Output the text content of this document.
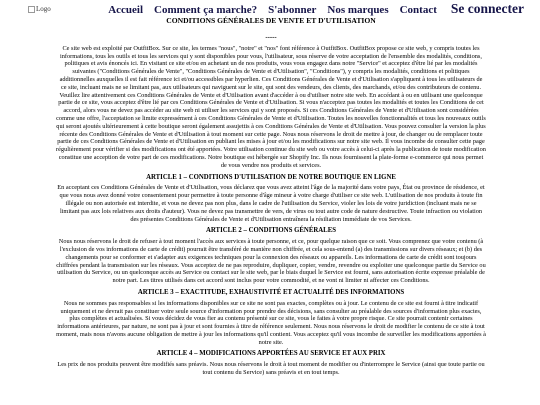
Logo	Accueil Comment ça marche? S'abonner Nos marques Contact Se connecter
CONDITIONS GÉNÉRALES DE VENTE ET D'UTILISATION
-----

Ce site web est exploité par OutfitBox. Sur ce site, les termes "nous", "notre" et "nos" font référence à OutfitBox. OutfitBox propose ce site web, y compris toutes les informations, tous les outils et tous les services qui y sont disponibles pour vous, l'utilisateur, sous réserve de votre acceptation de l'ensemble des modalités, conditions, politiques et avis énoncés ici. En visitant ce site et/ou en achetant un de nos produits, vous vous engagez dans notre "Service" et acceptez d'être lié par les modalités suivantes ("Conditions Générales de Vente", "Conditions Générales de Vente et d'Utilisation", "Conditions"), y compris les modalités, conditions et politiques additionnelles auxquelles il est fait référence ici et/ou accessibles par hyperlien. Ces Conditions Générales de Vente et d'Utilisation s'appliquent à tous les utilisateurs de ce site, incluant mais ne se limitant pas, aux utilisateurs qui naviguent sur le site, qui sont des vendeurs, des clients, des marchands, et/ou des contributeurs de contenu. Veuillez lire attentivement ces Conditions Générales de Vente et d'Utilisation avant d'accéder à ou d'utiliser notre site web. En accédant à ou en utilisant une quelconque partie de ce site, vous acceptez d'être lié par ces Conditions Générales de Vente et d'Utilisation. Si vous n'acceptez pas toutes les modalités et toutes les Conditions de cet accord, alors vous ne devez pas accéder au site web ni utiliser les services qui y sont proposés. Si ces Conditions Générales de Vente et d'Utilisation sont considérées comme une offre, l'acceptation se limite expressément à ces Conditions Générales de Vente et d'Utilisation. Toutes les nouvelles fonctionnalités et tous les nouveaux outils qui seront ajoutés ultérieurement à cette boutique seront également assujettis à ces Conditions Générales de Vente et d'Utilisation. Vous pouvez consulter la version la plus récente des Conditions Générales de Vente et d'Utilisation à tout moment sur cette page. Nous nous réservons le droit de mettre à jour, de changer ou de remplacer toute partie de ces Conditions Générales de Vente et d'Utilisation en publiant les mises à jour et/ou les modifications sur notre site web. Il vous incombe de consulter cette page régulièrement pour vérifier si des modifications ont été apportées. Votre utilisation continue du site web ou votre accès à celui-ci après la publication de toute modification constitue une acception de votre part de ces modifications. Notre boutique est hébergée sur Shopify Inc. Ils nous fournissent la plate-forme e-commerce qui nous permet de vous vendre nos produits et services.

ARTICLE 1 – CONDITIONS D'UTILISATION DE NOTRE BOUTIQUE EN LIGNE

En acceptant ces Conditions Générales de Vente et d'Utilisation, vous déclarez que vous avez atteint l'âge de la majorité dans votre pays, État ou province de résidence, et que vous nous avez donné votre consentement pour permettre à toute personne d'âge mineur à votre charge d'utiliser ce site web. L'utilisation de nos produits à toute fin illégale ou non autorisée est interdite, et vous ne devez pas non plus, dans le cadre de l'utilisation du Service, violer les lois de votre juridiction (incluant mais ne se limitant pas aux lois relatives aux droits d'auteur). Vous ne devez pas transmettre de vers, de virus ou tout autre code de nature destructive. Toute infraction ou violation des présentes Conditions Générales de Vente et d'Utilisation entraînera la résiliation immédiate de vos Services.

ARTICLE 2 – CONDITIONS GÉNÉRALES

Nous nous réservons le droit de refuser à tout moment l'accès aux services à toute personne, et ce, pour quelque raison que ce soit. Vous comprenez que votre contenu (à l'exclusion de vos informations de carte de crédit) pourrait être transféré de manière non chiffrée, et cela sous-entend (a) des transmissions sur divers réseaux; et (b) des changements pour se conformer et s'adapter aux exigences techniques pour la connexion des réseaux ou appareils. Les informations de carte de crédit sont toujours chiffrées pendant la transmission sur les réseaux. Vous acceptez de ne pas reproduire, dupliquer, copier, vendre, revendre ou exploiter une quelconque partie du Service ou utilisation du Service, ou un quelconque accès au Service ou contact sur le site web, par le biais duquel le Service est fourni, sans autorisation écrite expresse préalable de notre part. Les titres utilisés dans cet accord sont inclus pour votre commodité, et ne vont ni limiter ni affecter ces Conditions.

ARTICLE 3 – EXACTITUDE, EXHAUSTIVITÉ ET ACTUALITÉ DES INFORMATIONS

Nous ne sommes pas responsables si les informations disponibles sur ce site ne sont pas exactes, complètes ou à jour. Le contenu de ce site est fourni à titre indicatif uniquement et ne devrait pas constituer votre seule source d'information pour prendre des décisions, sans consulter au préalable des sources d'information plus exactes, plus complètes et actualisées. Si vous décidez de vous fier au contenu présenté sur ce site, vous le faites à votre propre risque. Ce site pourrait contenir certaines informations antérieures, par nature, ne sont pas à jour et sont fournies à titre de référence seulement. Nous nous réservons le droit de modifier le contenu de ce site à tout moment, mais nous n'avons aucune obligation de mettre à jour les informations qu'il contient. Vous acceptez qu'il vous incombe de surveiller les modifications apportées à notre site.

ARTICLE 4 – MODIFICATIONS APPORTÉES AU SERVICE ET AUX PRIX

Les prix de nos produits peuvent être modifiés sans préavis. Nous nous réservons le droit à tout moment de modifier ou d'interrompre le Service (ainsi que toute partie ou tout contenu du Service) sans préavis et en tout temps.
